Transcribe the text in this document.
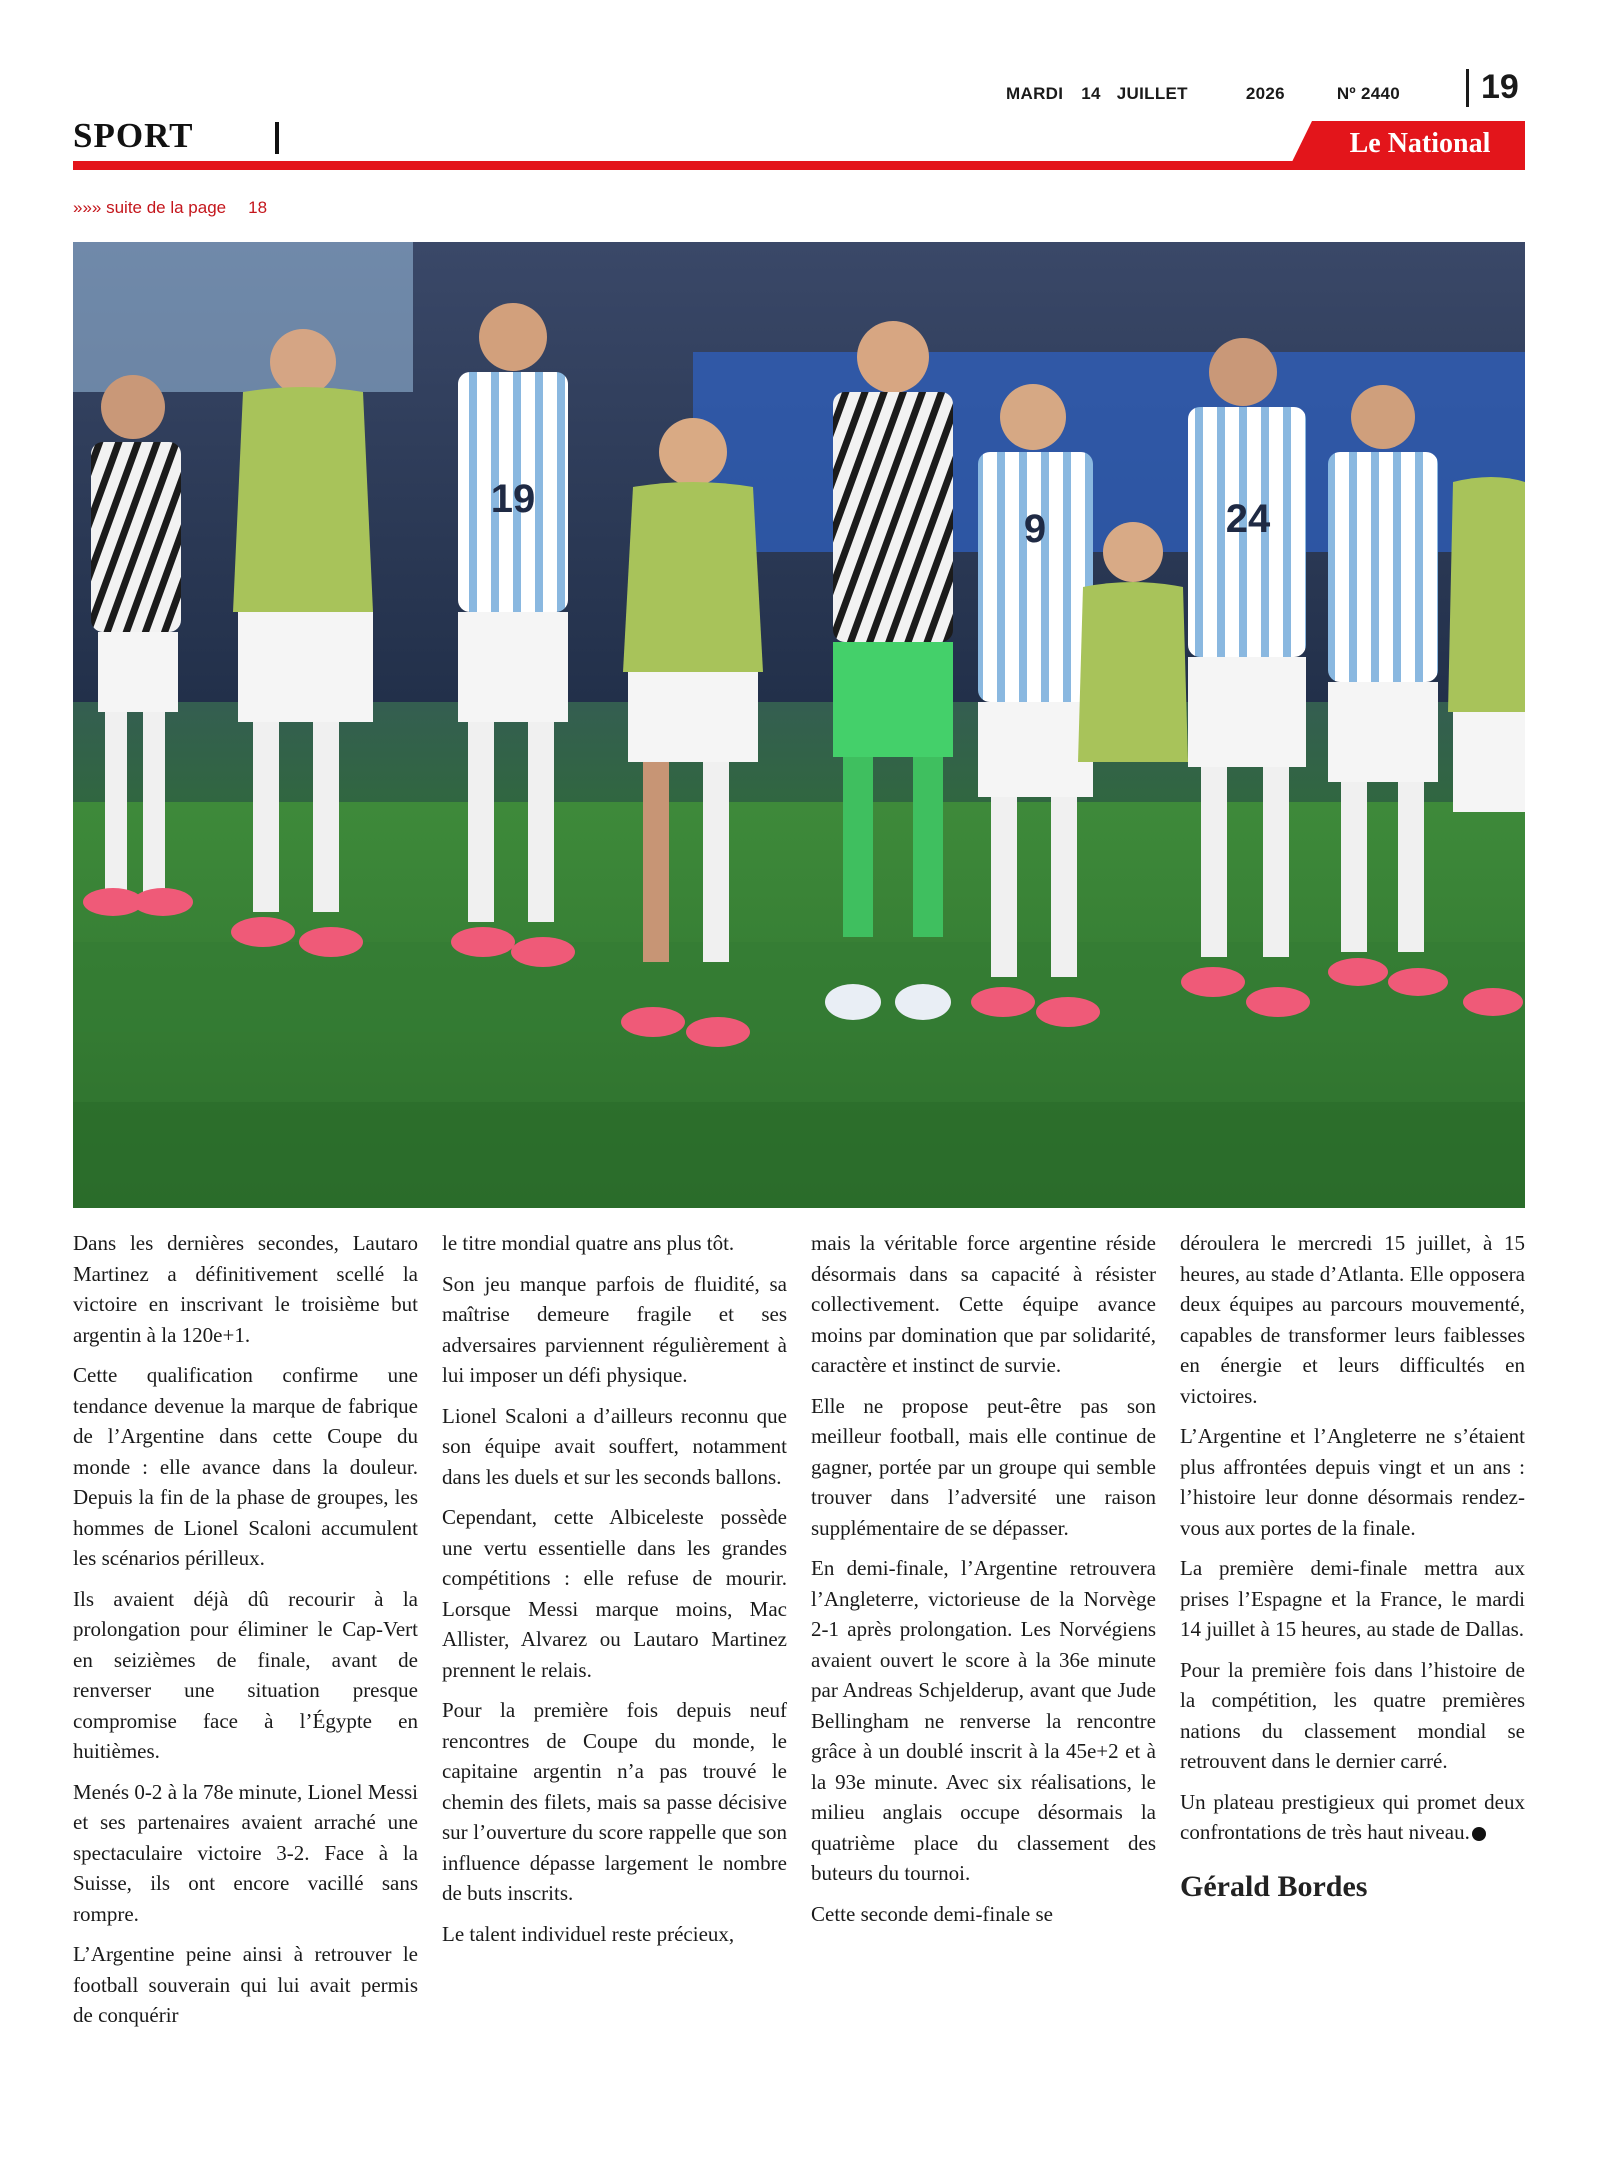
MARDI 14 JUILLET	2026	Nº 2440 19
SPORT	Le National
»»» suite de la page 18
19
9	24

Dans les dernières secondes, Lautaro Martinez a définitivement scellé la victoire en inscrivant le troisième but argentin à la 120e+1.

Cette qualification confirme une tendance devenue la marque de fabrique de l’Argentine dans cette Coupe du monde : elle avance dans la douleur. Depuis la fin de la phase de groupes, les hommes de Lionel Scaloni accumulent les scénarios périlleux.

Ils avaient déjà dû recourir à la prolongation pour éliminer le Cap-Vert en seizièmes de finale, avant de renverser une situation presque compromise face à l’Égypte en huitièmes.

Menés 0-2 à la 78e minute, Lionel Messi et ses partenaires avaient arraché une spectaculaire victoire 3-2. Face à la Suisse, ils ont encore vacillé sans rompre.

L’Argentine peine ainsi à retrouver le football souverain qui lui avait permis de conquérir

le titre mondial quatre ans plus tôt.

Son jeu manque parfois de fluidité, sa maîtrise demeure fragile et ses adversaires parviennent régulièrement à lui imposer un défi physique.

Lionel Scaloni a d’ailleurs reconnu que son équipe avait souffert, notamment dans les duels et sur les seconds ballons.

Cependant, cette Albiceleste possède une vertu essentielle dans les grandes compétitions : elle refuse de mourir. Lorsque Messi marque moins, Mac Allister, Alvarez ou Lautaro Martinez prennent le relais.

Pour la première fois depuis neuf rencontres de Coupe du monde, le capitaine argentin n’a pas trouvé le chemin des filets, mais sa passe décisive sur l’ouverture du score rappelle que son influence dépasse largement le nombre de buts inscrits.

Le talent individuel reste précieux,

mais la véritable force argentine réside désormais dans sa capacité à résister collectivement. Cette équipe avance moins par domination que par solidarité, caractère et instinct de survie.

Elle ne propose peut-être pas son meilleur football, mais elle continue de gagner, portée par un groupe qui semble trouver dans l’adversité une raison supplémentaire de se dépasser.

En demi-finale, l’Argentine retrouvera l’Angleterre, victorieuse de la Norvège 2-1 après prolongation. Les Norvégiens avaient ouvert le score à la 36e minute par Andreas Schjelderup, avant que Jude Bellingham ne renverse la rencontre grâce à un doublé inscrit à la 45e+2 et à la 93e minute. Avec six réalisations, le milieu anglais occupe désormais la quatrième place du classement des buteurs du tournoi.

Cette seconde demi-finale se

déroulera le mercredi 15 juillet, à 15 heures, au stade d’Atlanta. Elle opposera deux équipes au parcours mouvementé, capables de transformer leurs faiblesses en énergie et leurs difficultés en victoires.

L’Argentine et l’Angleterre ne s’étaient plus affrontées depuis vingt et un ans : l’histoire leur donne désormais rendez-vous aux portes de la finale.

La première demi-finale mettra aux prises l’Espagne et la France, le mardi 14 juillet à 15 heures, au stade de Dallas.

Pour la première fois dans l’histoire de la compétition, les quatre premières nations du classement mondial se retrouvent dans le dernier carré.

Un plateau prestigieux qui promet deux confrontations de très haut niveau.

Gérald Bordes
